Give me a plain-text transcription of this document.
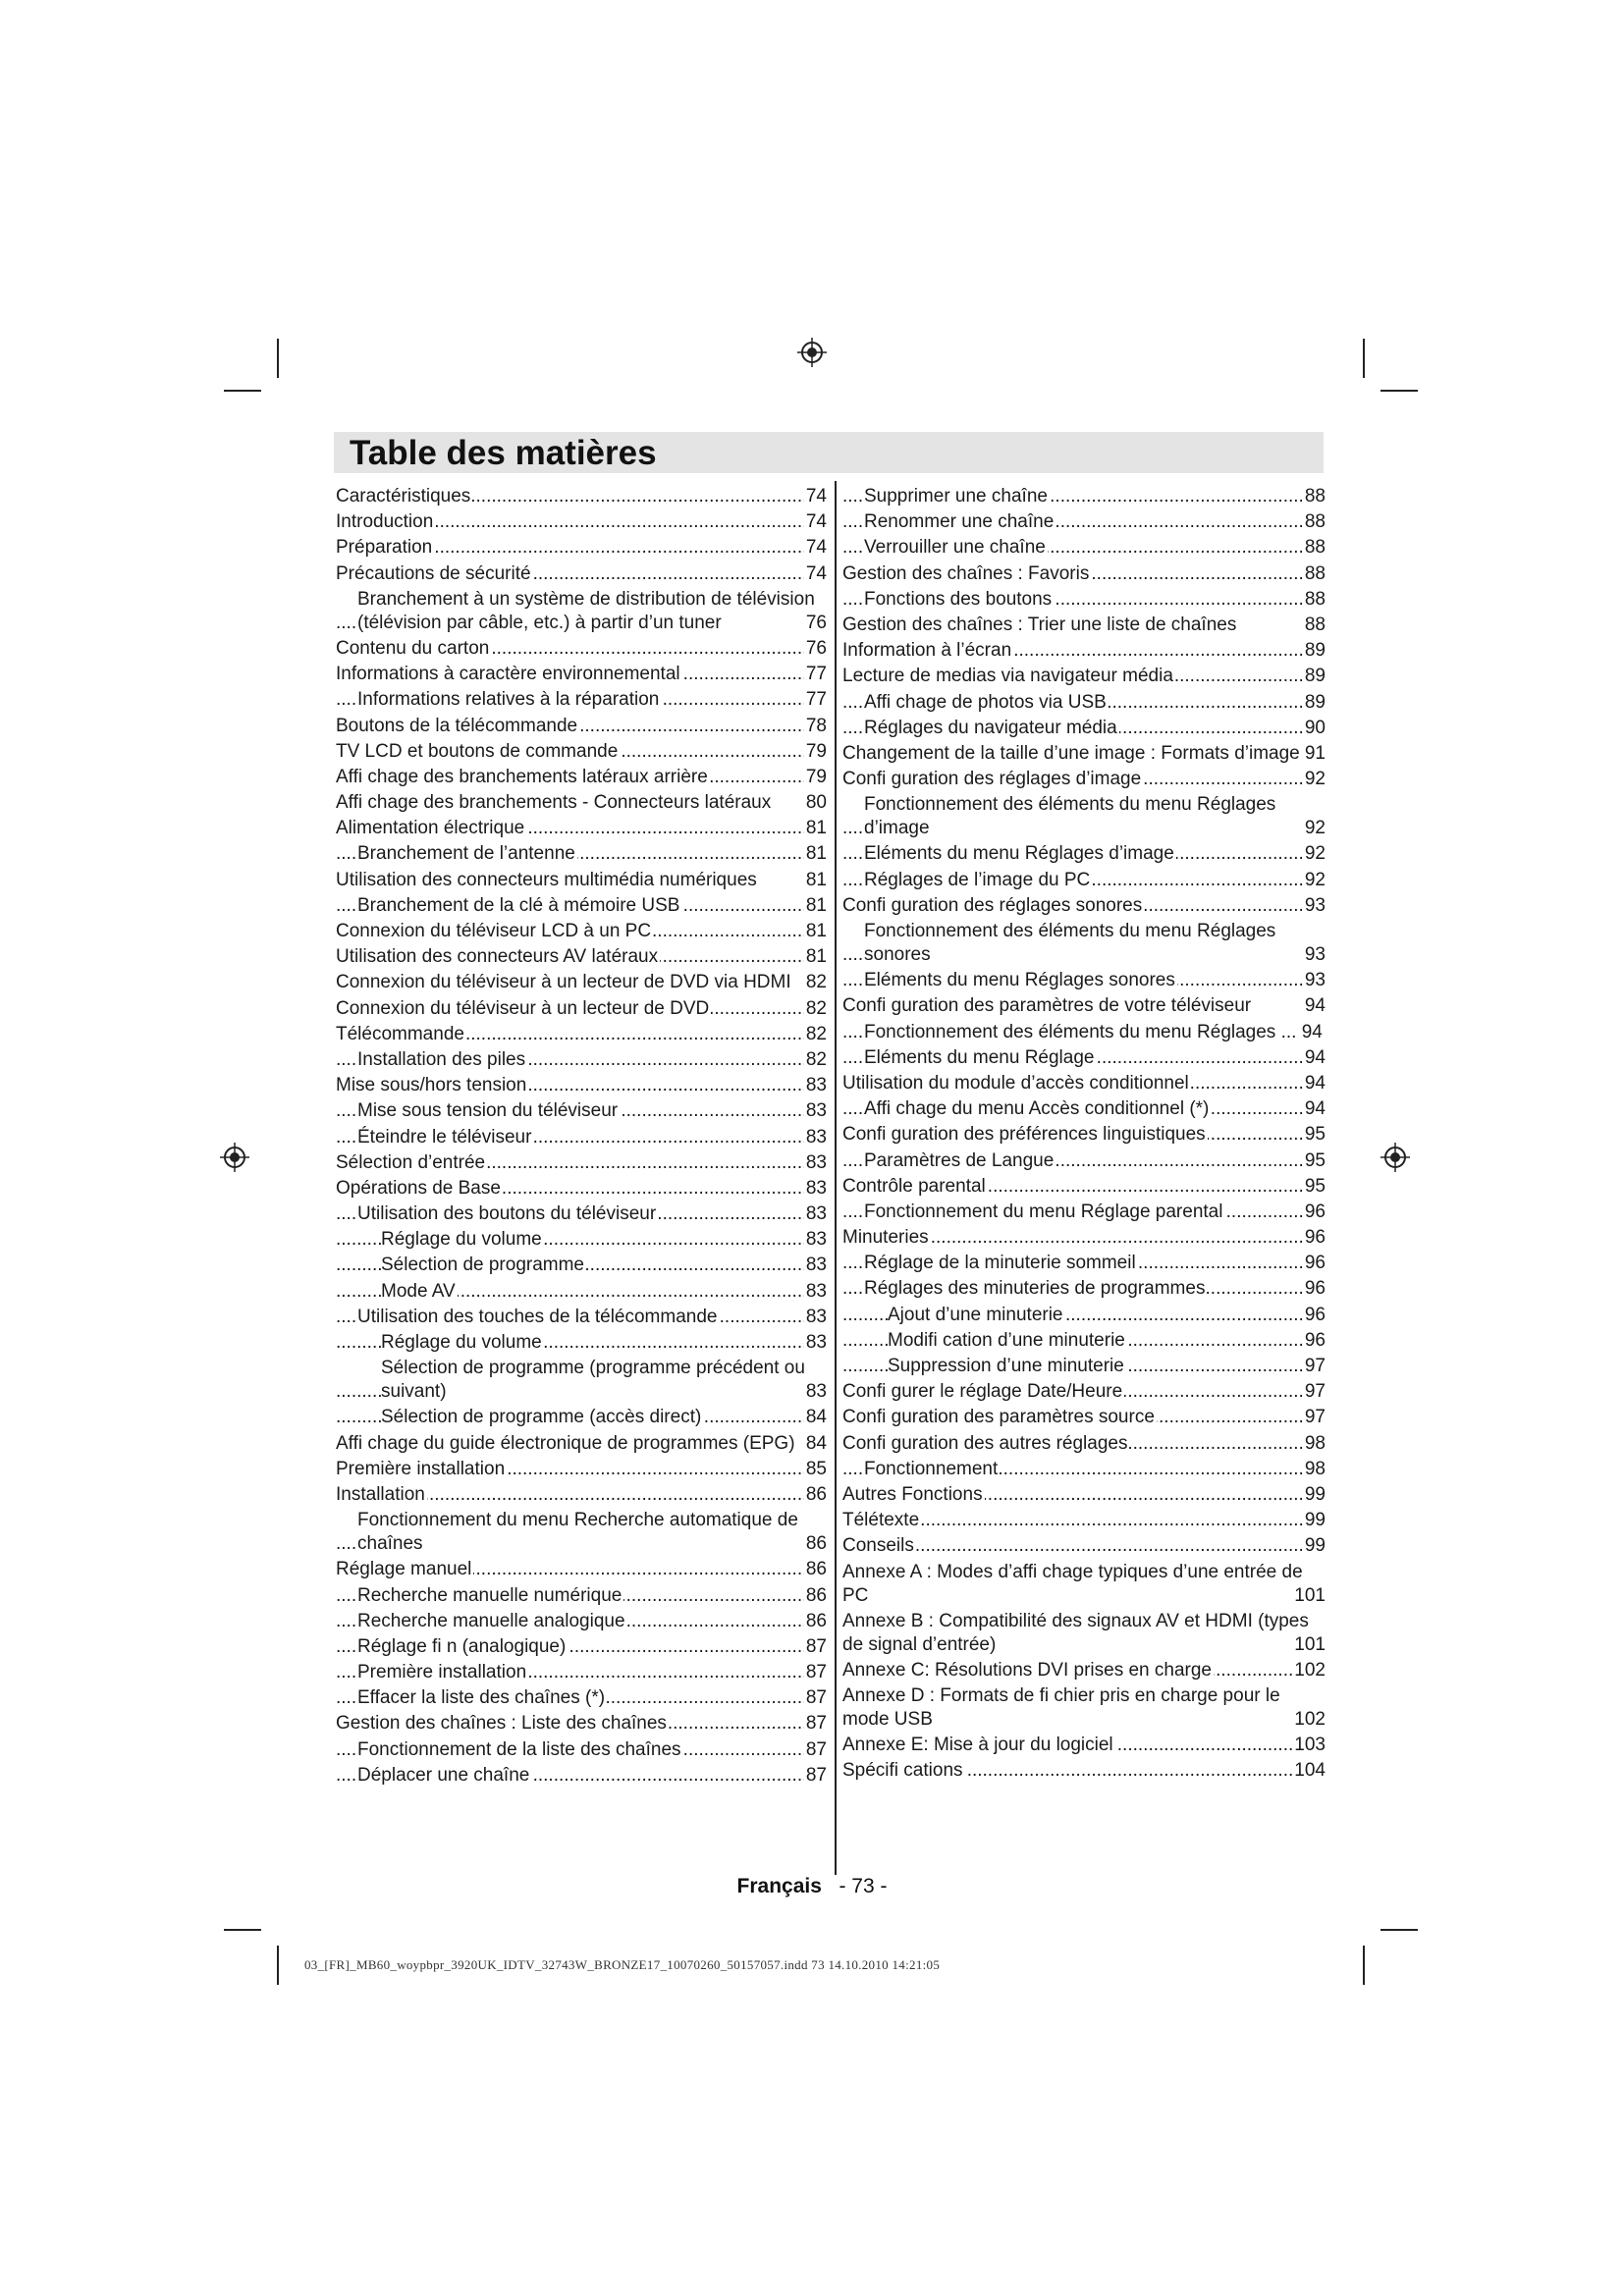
Table des matières
Caractéristiques	74
.....
Introduction	74
.....
Préparation	74
.....
Précautions de sécurité	74
.....
Branchement à un système de distribution de télévision (télévision par câble, etc.) à partir d’un tuner	76
.....
Contenu du carton	76
.....
Informations à caractère environnemental	77
.....
Informations relatives à la réparation	77
.....
Boutons de la télécommande	78
.....
TV LCD et boutons de commande	79
.....
Affi chage des branchements latéraux arrière	79
.....
Affi chage des branchements - Connecteurs latéraux	80
.....
Alimentation électrique	81
.....
Branchement de l’antenne	81
.....
Utilisation des connecteurs multimédia numériques	81
.....
Branchement de la clé à mémoire USB	81
.....
Connexion du téléviseur LCD à un PC	81
.....
Utilisation des connecteurs AV latéraux	81
.....
Connexion du téléviseur à un lecteur de DVD via HDMI 82
.....
Connexion du téléviseur à un lecteur de DVD	82
.....
Télécommande	82
.....
Installation des piles	82
.....
Mise sous/hors tension	83
.....
Mise sous tension du téléviseur	83
.....
Éteindre le téléviseur	83
.....
Sélection d’entrée	83
.....
Opérations de Base	83
.....
Utilisation des boutons du téléviseur	83
.....
Réglage du volume	83
.....
Sélection de programme	83
.....
Mode AV	83
.....
Utilisation des touches de la télécommande	83
.....
Réglage du volume	83
.....
Sélection de programme (programme précédent ou suivant)	83
.....
Sélection de programme (accès direct)	84
.....
Affi chage du guide électronique de programmes (EPG) 84
.....
Première installation	85
.....
Installation	86
.....
Fonctionnement du menu Recherche automatique de chaînes	86
.....
Réglage manuel	86
.....
Recherche manuelle numérique	86
.....
Recherche manuelle analogique	86
.....
Réglage fi n (analogique)	87
.....
Première installation	87
.....
Effacer la liste des chaînes (*)	87
.....
Gestion des chaînes : Liste des chaînes	87
.....
Fonctionnement de la liste des chaînes	87
.....
Déplacer une chaîne	87
.....
Supprimer une chaîne	88
.....
Renommer une chaîne	88
.....
Verrouiller une chaîne	88
.....
Gestion des chaînes : Favoris	88
.....
Fonctions des boutons	88
.....
Gestion des chaînes : Trier une liste de chaînes	88
.....
Information à l’écran	89
.....
Lecture de medias via navigateur média	89
.....
Affi chage de photos via USB	89
.....
Réglages du navigateur média	90
.....
Changement de la taille d’une image : Formats d’image 91
.....
Confi guration des réglages d’image	92
.....
Fonctionnement des éléments du menu Réglages d’image	92
.....
Eléments du menu Réglages d’image	92
.....
Réglages de l’image du PC	92
.....
Confi guration des réglages sonores	93
.....
Fonctionnement des éléments du menu Réglages sonores	93
.....
Eléments du menu Réglages sonores	93
.....
Confi guration des paramètres de votre téléviseur	94
.....
Fonctionnement des éléments du menu Réglages ... 94
.....
Eléments du menu Réglage	94
.....
Utilisation du module d’accès conditionnel	94
.....
Affi chage du menu Accès conditionnel (*)	94
.....
Confi guration des préférences linguistiques	95
.....
Paramètres de Langue	95
.....
Contrôle parental	95
.....
Fonctionnement du menu Réglage parental	96
.....
Minuteries	96
.....
Réglage de la minuterie sommeil	96
.....
Réglages des minuteries de programmes	96
.....
Ajout d’une minuterie	96
.....
Modifi cation d’une minuterie	96
.....
Suppression d’une minuterie	97
.....
Confi gurer le réglage Date/Heure	97
.....
Confi guration des paramètres source	97
.....
Confi guration des autres réglages	98
.....
Fonctionnement	98
.....
Autres Fonctions	99
.....
Télétexte	99
.....
Conseils	99
.....
Annexe A : Modes d’affi chage typiques d’une entrée de PC	101
.....
Annexe B : Compatibilité des signaux AV et HDMI (types de signal d’entrée)	101
.....
Annexe C: Résolutions DVI prises en charge	102
.....
Annexe D : Formats de fi chier pris en charge pour le mode USB	102
.....
Annexe E: Mise à jour du logiciel	103
.....
Spécifi cations	104
.....
Français - 73 -
03_[FR]_MB60_woypbpr_3920UK_IDTV_32743W_BRONZE17_10070260_50157057.indd 73 14.10.2010 14:21:05
